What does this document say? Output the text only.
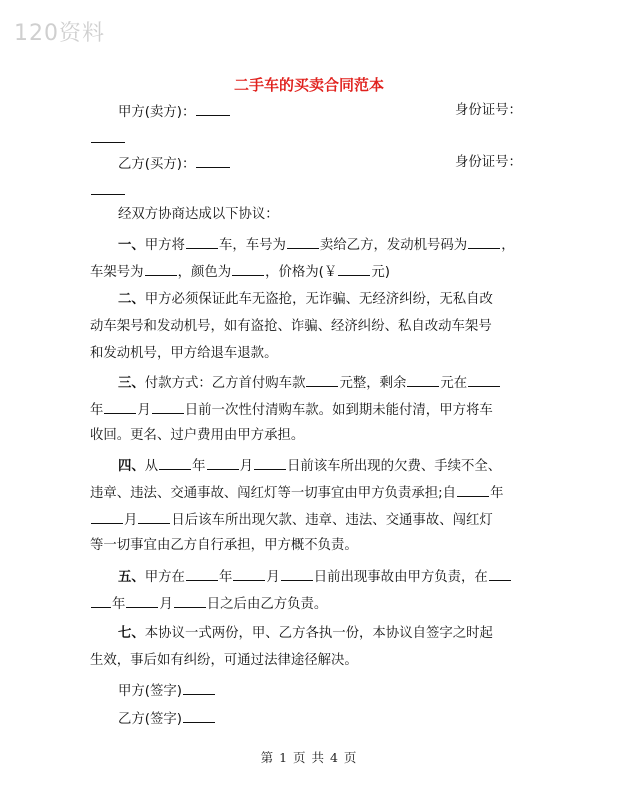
120资料
二手车的买卖合同范本
甲方(卖方)：	身份证号：
乙方(买方)：	身份证号：
经双方协商达成以下协议：
一、甲方将	车，车号为	卖给乙方，发动机号码为	，
车架号为	，颜色为	，价格为(￥	元)
二、甲方必须保证此车无盗抢，无诈骗、无经济纠纷，无私自改
动车架号和发动机号，如有盗抢、诈骗、经济纠纷、私自改动车架号
和发动机号，甲方给退车退款。
三、付款方式：乙方首付购车款	元整，剩余	元在
年	月	日前一次性付清购车款。如到期未能付清，甲方将车
收回。更名、过户费用由甲方承担。
四、从	年	月	日前该车所出现的欠费、手续不全、
违章、违法、交通事故、闯红灯等一切事宜由甲方负责承担;自	年
月	日后该车所出现欠款、违章、违法、交通事故、闯红灯
等一切事宜由乙方自行承担，甲方概不负责。
五、甲方在	年	月	日前出现事故由甲方负责，在
年	月	日之后由乙方负责。
七、本协议一式两份，甲、乙方各执一份，本协议自签字之时起
生效，事后如有纠纷，可通过法律途径解决。
甲方(签字)
乙方(签字)
第 1 页 共 4 页
